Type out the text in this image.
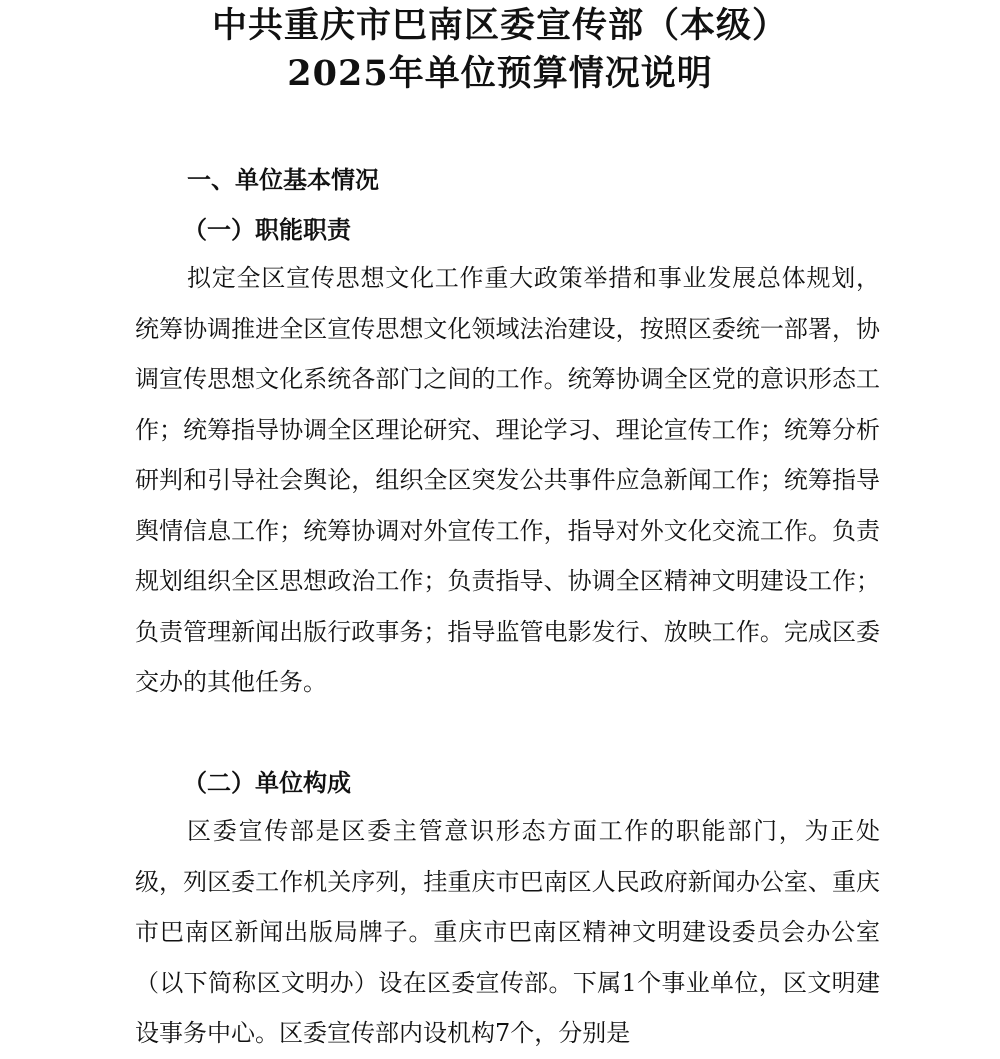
中共重庆市巴南区委宣传部（本级）
2025年单位预算情况说明
一、单位基本情况
（一）职能职责

拟定全区宣传思想文化工作重大政策举措和事业发展总体规划，统筹协调推进全区宣传思想文化领域法治建设，按照区委统一部署，协调宣传思想文化系统各部门之间的工作。统筹协调全区党的意识形态工作；统筹指导协调全区理论研究、理论学习、理论宣传工作；统筹分析研判和引导社会舆论，组织全区突发公共事件应急新闻工作；统筹指导舆情信息工作；统筹协调对外宣传工作，指导对外文化交流工作。负责规划组织全区思想政治工作；负责指导、协调全区精神文明建设工作；负责管理新闻出版行政事务；指导监管电影发行、放映工作。完成区委交办的其他任务。

（二）单位构成

区委宣传部是区委主管意识形态方面工作的职能部门，为正处级，列区委工作机关序列，挂重庆市巴南区人民政府新闻办公室、重庆市巴南区新闻出版局牌子。重庆市巴南区精神文明建设委员会办公室（以下简称区文明办）设在区委宣传部。下属1个事业单位，区文明建设事务中心。区委宣传部内设机构7个，分别是
